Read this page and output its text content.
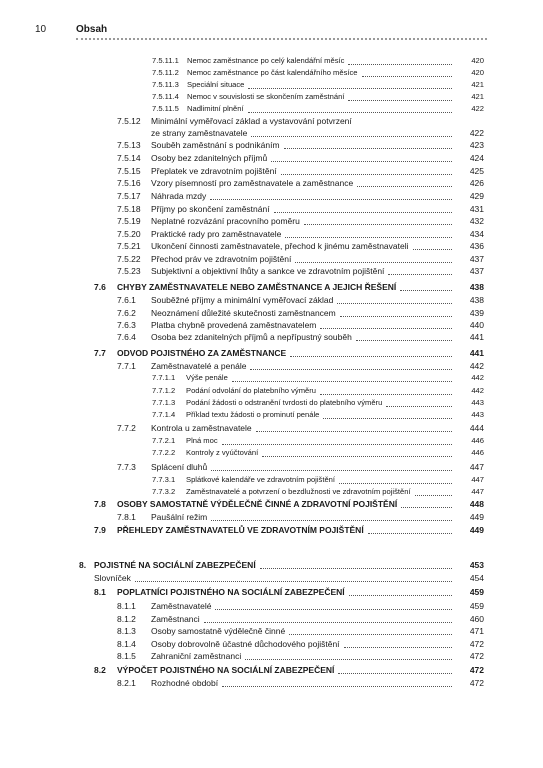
10	Obsah
7.5.11.1 Nemoc zaměstnance po celý kalendářní měsíc	420
7.5.11.2 Nemoc zaměstnance po část kalendářního měsíce	420
7.5.11.3 Speciální situace	421
7.5.11.4 Nemoc v souvislosti se skončením zaměstnání	421
7.5.11.5 Nadlimitní plnění	422
7.5.12 Minimální vyměřovací základ a vystavování potvrzení
ze strany zaměstnavatele	422
7.5.13 Souběh zaměstnání s podnikáním	423
7.5.14 Osoby bez zdanitelných příjmů	424
7.5.15 Přeplatek ve zdravotním pojištění	425
7.5.16 Vzory písemností pro zaměstnavatele a zaměstnance	426
7.5.17 Náhrada mzdy	429
7.5.18 Příjmy po skončení zaměstnání	431
7.5.19 Neplatné rozvázání pracovního poměru	432
7.5.20 Praktické rady pro zaměstnavatele	434
7.5.21 Ukončení činnosti zaměstnavatele, přechod k jinému zaměstnavateli	436
7.5.22 Přechod práv ve zdravotním pojištění	437
7.5.23 Subjektivní a objektivní lhůty a sankce ve zdravotním pojištění	437
7.6 CHYBY ZAMĚSTNAVATELE NEBO ZAMĚSTNANCE A JEJICH ŘEŠENÍ	438
7.6.1 Souběžné příjmy a minimální vyměřovací základ	438
7.6.2 Neoznámení důležité skutečnosti zaměstnancem	439
7.6.3 Platba chybně provedená zaměstnavatelem	440
7.6.4 Osoba bez zdanitelných příjmů a nepřípustný souběh	441
7.7 ODVOD POJISTNÉHO ZA ZAMĚSTNANCE	441
7.7.1 Zaměstnavatelé a penále	442
7.7.1.1 Výše penále	442
7.7.1.2 Podání odvolání do platebního výměru	442
7.7.1.3 Podání žádosti o odstranění tvrdosti do platebního výměru	443
7.7.1.4 Příklad textu žádosti o prominutí penále	443
7.7.2 Kontrola u zaměstnavatele	444
7.7.2.1 Plná moc	446
7.7.2.2 Kontroly z vyúčtování	446
7.7.3 Splácení dluhů	447
7.7.3.1 Splátkové kalendáře ve zdravotním pojištění	447
7.7.3.2 Zaměstnavatelé a potvrzení o bezdlužnosti ve zdravotním pojištění	447
7.8 OSOBY SAMOSTATNĚ VÝDĚLEČNĚ ČINNÉ A ZDRAVOTNÍ POJIŠTĚNÍ	448
7.8.1 Paušální režim	449
7.9 PŘEHLEDY ZAMĚSTNAVATELŮ VE ZDRAVOTNÍM POJIŠTĚNÍ	449
8. POJISTNÉ NA SOCIÁLNÍ ZABEZPEČENÍ	453
Slovníček	454
8.1 POPLATNÍCI POJISTNÉHO NA SOCIÁLNÍ ZABEZPEČENÍ	459
8.1.1 Zaměstnavatelé	459
8.1.2 Zaměstnanci	460
8.1.3 Osoby samostatně výdělečně činné	471
8.1.4 Osoby dobrovolně účastné důchodového pojištění	472
8.1.5 Zahraniční zaměstnanci	472
8.2 VÝPOČET POJISTNÉHO NA SOCIÁLNÍ ZABEZPEČENÍ	472
8.2.1 Rozhodné období	472
